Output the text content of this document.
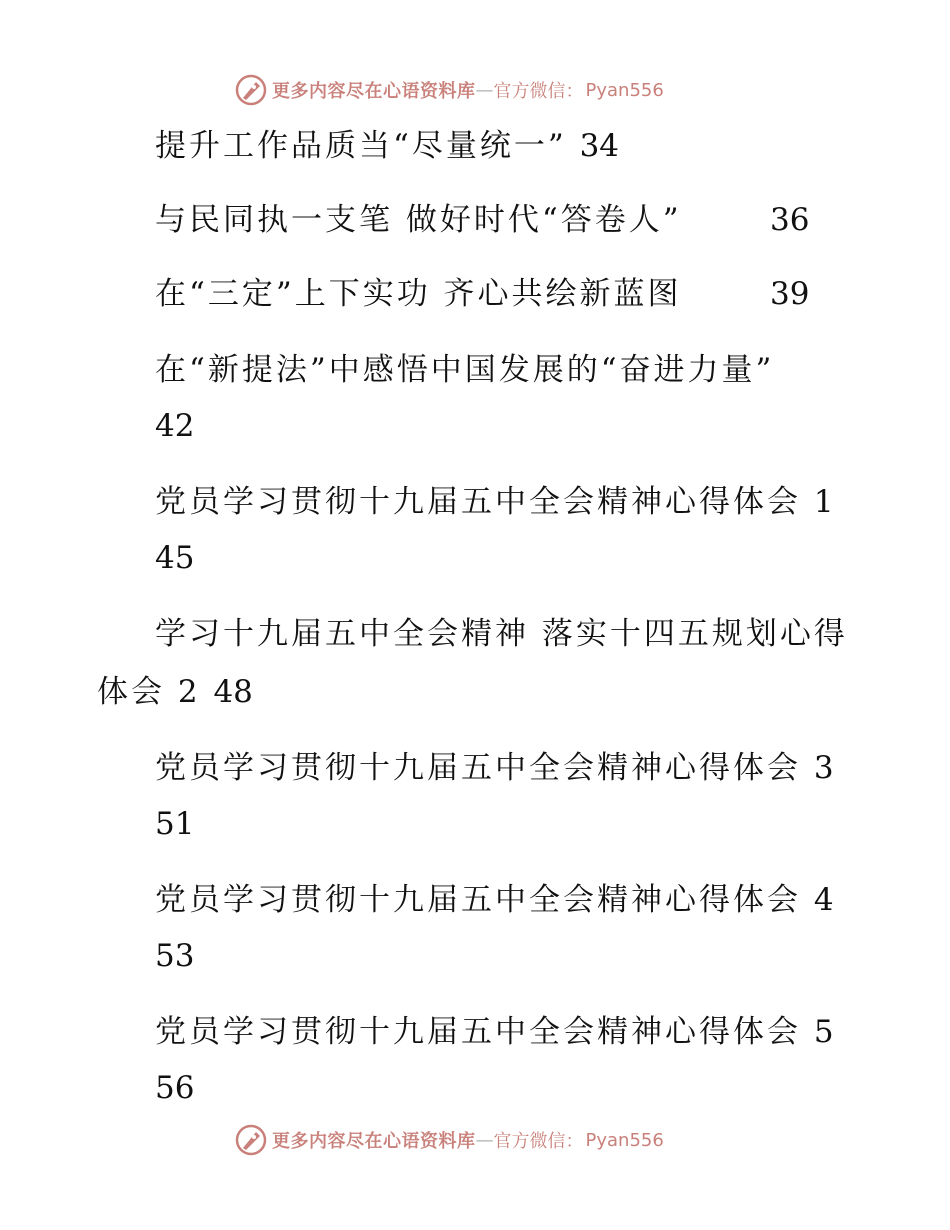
更多内容尽在心语资料库 — 官方微信： Pyan556
提升工作品质当“尽量统一” 34
与民同执一支笔 做好时代“答卷人”	36
在“三定”上下实功 齐心共绘新蓝图	39
在“新提法”中感悟中国发展的“奋进力量”
42
党员学习贯彻十九届五中全会精神心得体会 1
45
学习十九届五中全会精神 落实十四五规划心得
体会 2 48
党员学习贯彻十九届五中全会精神心得体会 3
51
党员学习贯彻十九届五中全会精神心得体会 4
53
党员学习贯彻十九届五中全会精神心得体会 5
56
更多内容尽在心语资料库 — 官方微信： Pyan556
